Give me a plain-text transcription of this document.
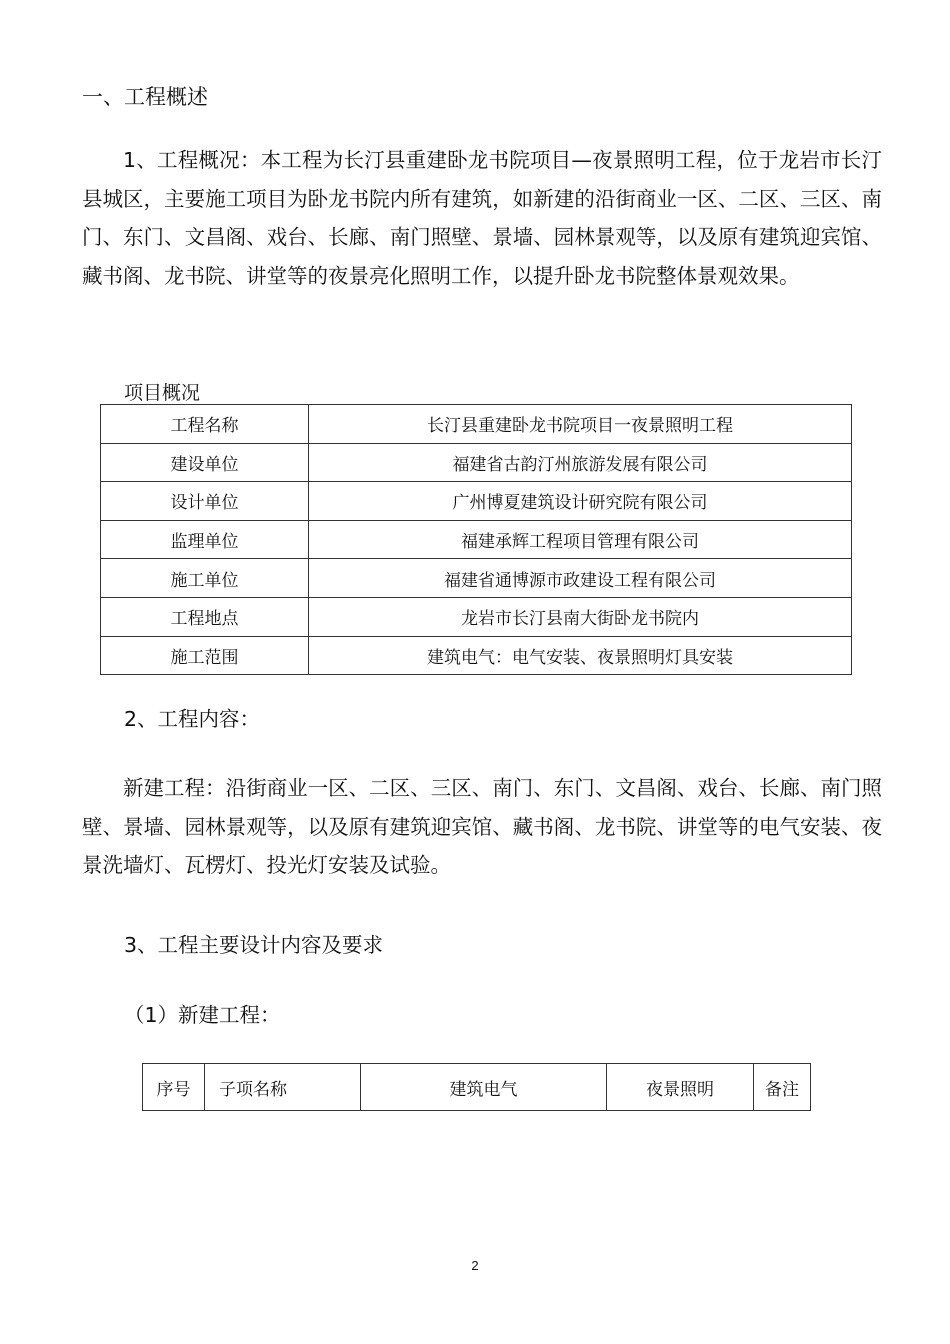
一、工程概述
1、工程概况：本工程为长汀县重建卧龙书院项目—夜景照明工程，位于龙岩市长汀县城区，主要施工项目为卧龙书院内所有建筑，如新建的沿街商业一区、二区、三区、南门、东门、文昌阁、戏台、长廊、南门照壁、景墙、园林景观等，以及原有建筑迎宾馆、藏书阁、龙书院、讲堂等的夜景亮化照明工作，以提升卧龙书院整体景观效果。
项目概况
工程名称	长汀县重建卧龙书院项目一夜景照明工程
建设单位	福建省古韵汀州旅游发展有限公司
设计单位	广州博夏建筑设计研究院有限公司
监理单位	福建承辉工程项目管理有限公司
施工单位	福建省通博源市政建设工程有限公司
工程地点	龙岩市长汀县南大街卧龙书院内
施工范围	建筑电气：电气安装、夜景照明灯具安装
2、工程内容：
新建工程：沿街商业一区、二区、三区、南门、东门、文昌阁、戏台、长廊、南门照壁、景墙、园林景观等，以及原有建筑迎宾馆、藏书阁、龙书院、讲堂等的电气安装、夜景洗墙灯、瓦楞灯、投光灯安装及试验。
3、工程主要设计内容及要求
（1）新建工程：
序号	子项名称	建筑电气	夜景照明	备注
2
